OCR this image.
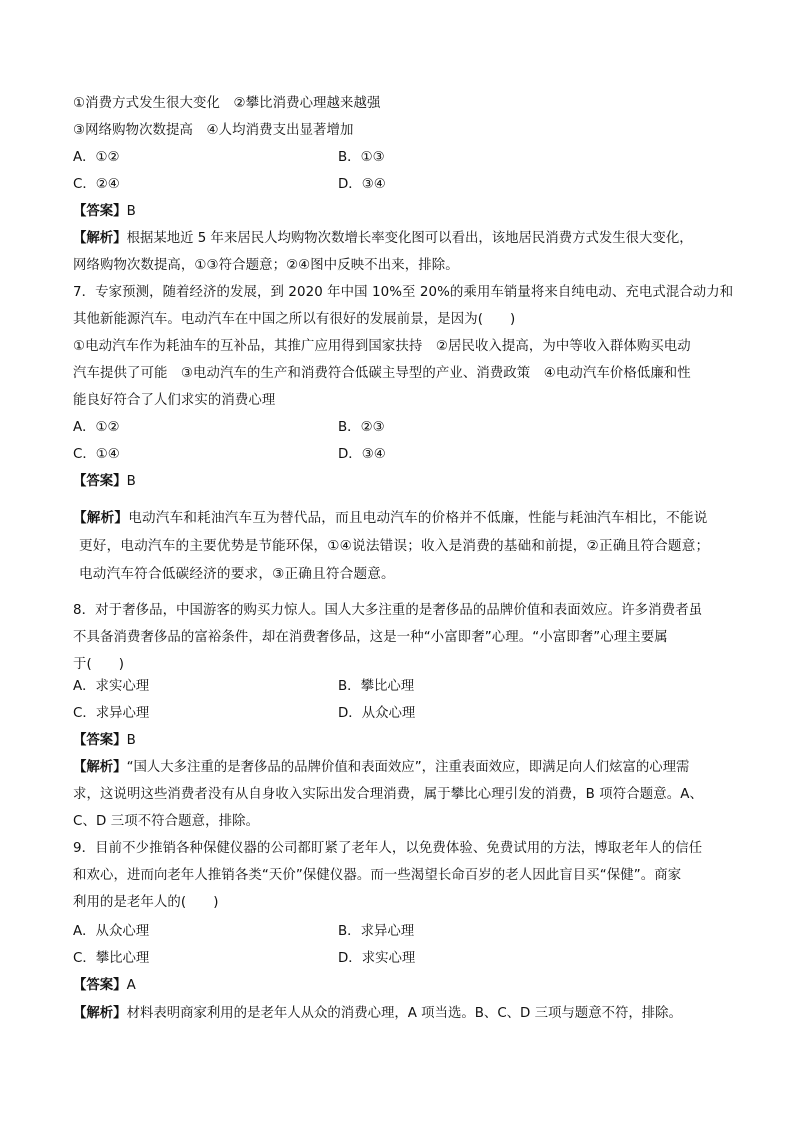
①消费方式发生很大变化　②攀比消费心理越来越强
③网络购物次数提高　④人均消费支出显著增加
A．①②	B．①③
C．②④	D．③④
【答案】B
【解析】根据某地近 5 年来居民人均购物次数增长率变化图可以看出，该地居民消费方式发生很大变化，
网络购物次数提高，①③符合题意；②④图中反映不出来，排除。
7．专家预测，随着经济的发展，到 2020 年中国 10%至 20%的乘用车销量将来自纯电动、充电式混合动力和
其他新能源汽车。电动汽车在中国之所以有很好的发展前景，是因为(　　)
①电动汽车作为耗油车的互补品，其推广应用得到国家扶持　②居民收入提高，为中等收入群体购买电动
汽车提供了可能　③电动汽车的生产和消费符合低碳主导型的产业、消费政策　④电动汽车价格低廉和性
能良好符合了人们求实的消费心理
A．①②	B．②③
C．①④	D．③④
【答案】B
【解析】电动汽车和耗油汽车互为替代品，而且电动汽车的价格并不低廉，性能与耗油汽车相比，不能说
更好，电动汽车的主要优势是节能环保，①④说法错误；收入是消费的基础和前提，②正确且符合题意；
电动汽车符合低碳经济的要求，③正确且符合题意。
8．对于奢侈品，中国游客的购买力惊人。国人大多注重的是奢侈品的品牌价值和表面效应。许多消费者虽
不具备消费奢侈品的富裕条件，却在消费奢侈品，这是一种“小富即奢”心理。“小富即奢”心理主要属
于(　　)
A．求实心理	B．攀比心理
C．求异心理	D．从众心理
【答案】B
【解析】“国人大多注重的是奢侈品的品牌价值和表面效应”，注重表面效应，即满足向人们炫富的心理需
求，这说明这些消费者没有从自身收入实际出发合理消费，属于攀比心理引发的消费，B 项符合题意。A、
C、D 三项不符合题意，排除。
9．目前不少推销各种保健仪器的公司都盯紧了老年人，以免费体验、免费试用的方法，博取老年人的信任
和欢心，进而向老年人推销各类“天价”保健仪器。而一些渴望长命百岁的老人因此盲目买“保健”。商家
利用的是老年人的(　　)
A．从众心理	B．求异心理
C．攀比心理	D．求实心理
【答案】A
【解析】材料表明商家利用的是老年人从众的消费心理，A 项当选。B、C、D 三项与题意不符，排除。
